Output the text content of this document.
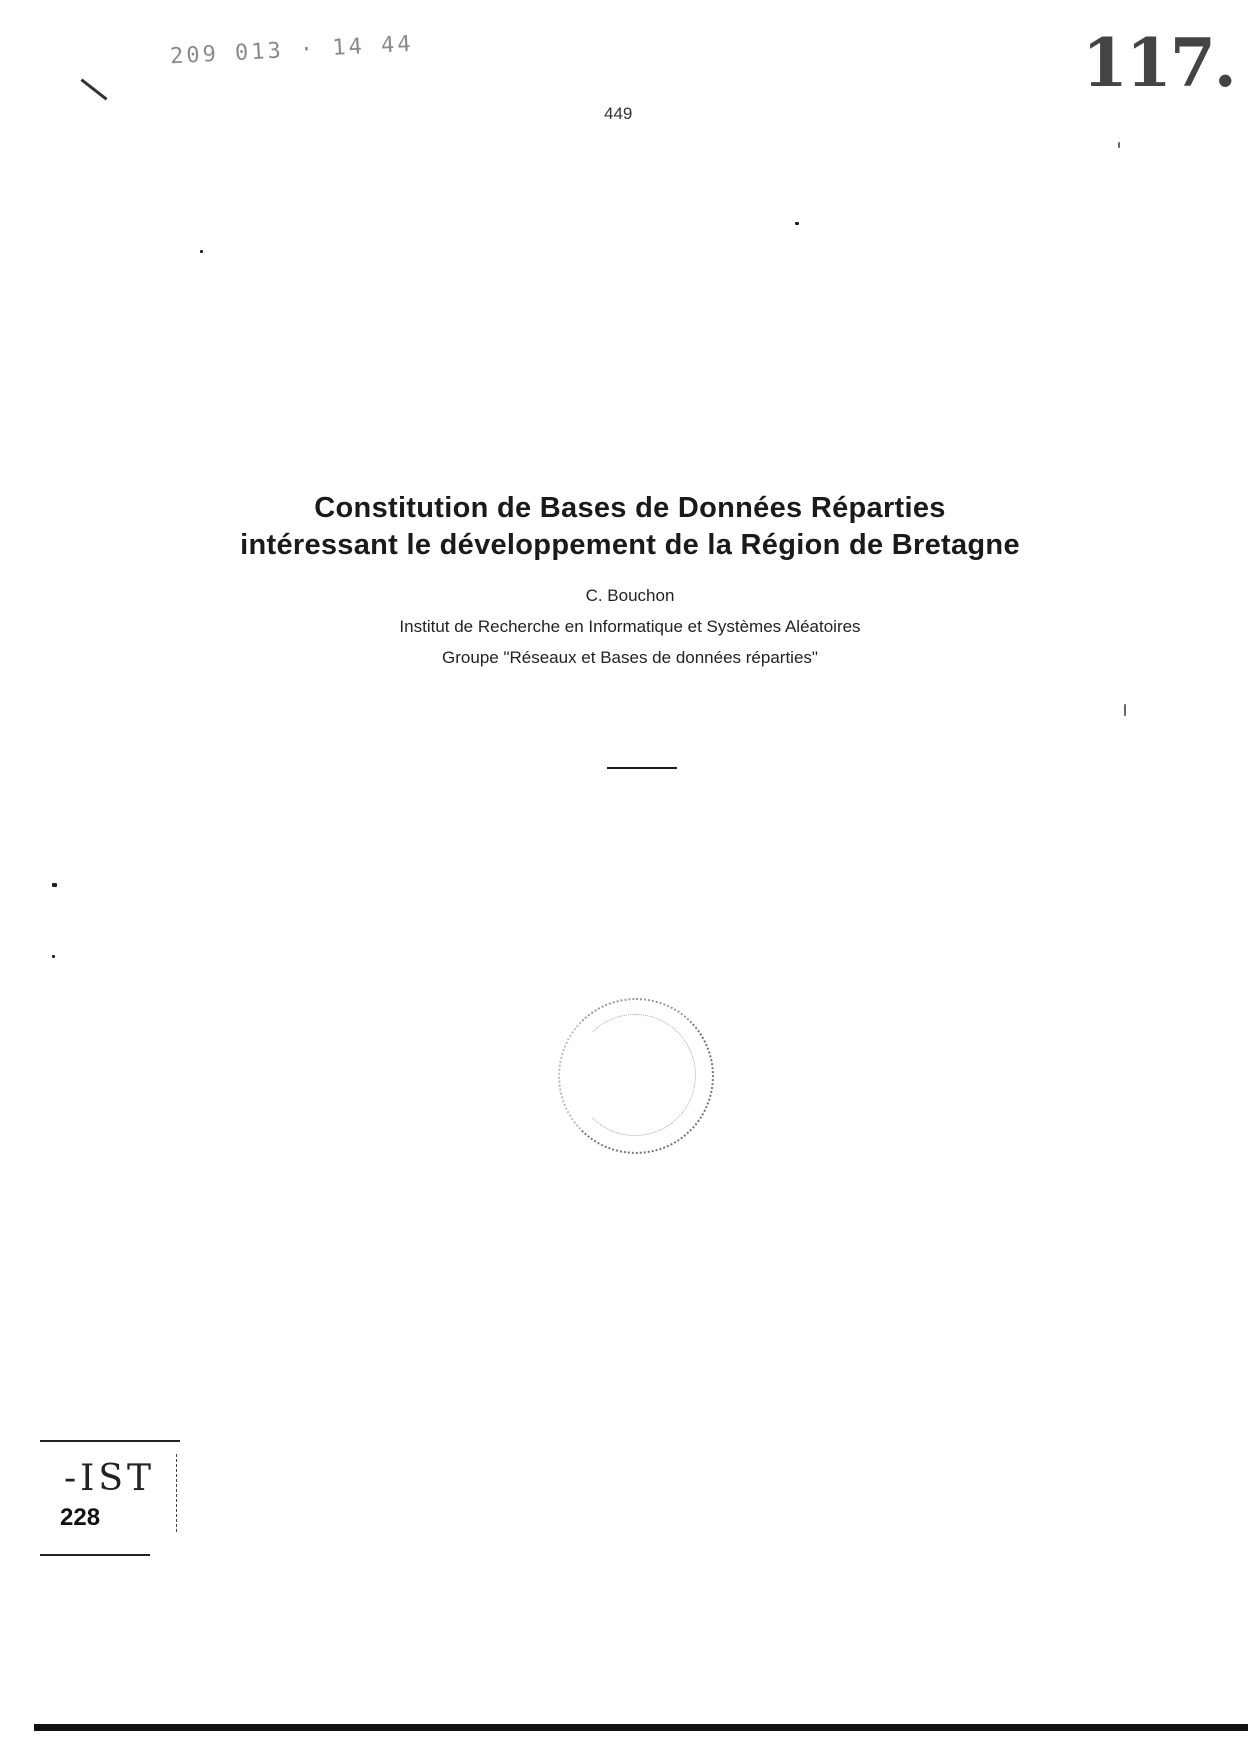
209 013 · 14 44	117.
449
Constitution de Bases de Données Réparties
intéressant le développement de la Région de Bretagne
C. Bouchon
Institut de Recherche en Informatique et Systèmes Aléatoires
Groupe "Réseaux et Bases de données réparties"
-IST
228
